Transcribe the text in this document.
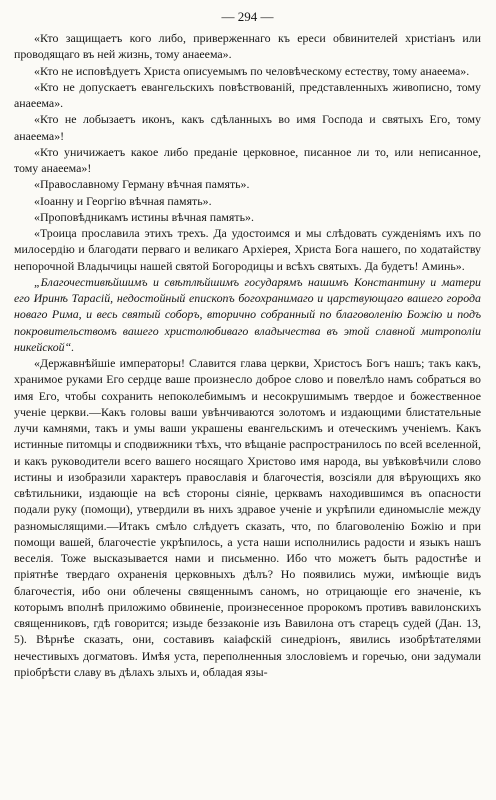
— 294 —

«Кто защищаетъ кого либо, приверженнаго къ ереси обвинителей христiанъ или проводящаго въ ней жизнь, тому анаеема».

«Кто не исповѣдуетъ Христа описуемымъ по человѣческому естеству, тому анаеема».

«Кто не допускаетъ евангельскихъ повѣствованiй, представленныхъ живописно, тому анаеема».

«Кто не лобызаетъ иконъ, какъ сдѣланныхъ во имя Господа и святыхъ Его, тому анаеема»!

«Кто уничижаетъ какое либо преданiе церковное, писанное ли то, или неписанное, тому анаеема»!

«Православному Герману вѣчная память».

«Iоанну и Георгiю вѣчная память».

«Проповѣдникамъ истины вѣчная память».

«Троица прославила этихъ трехъ. Да удостоимся и мы слѣдовать сужденiямъ ихъ по милосердiю и благодати перваго и великаго Архiерея, Христа Бога нашего, по ходатайству непорочной Владычицы нашей святой Богородицы и всѣхъ святыхъ. Да будетъ! Аминь».

„Благочестивѣйшимъ и свѣтлѣйшимъ государямъ нашимъ Константину и матери его Иринѣ Тарасiй, недостойный епископъ богохранимаго и царствующаго вашего города новаго Рима, и весь святый соборъ, вторично собранный по благоволенiю Божiю и подъ покровительствомъ вашего христолюбиваго владычества въ этой славной митрополiи никейской“.

«Державнѣйшiе императоры! Славится глава церкви, Христосъ Богъ нашъ; такъ какъ, хранимое руками Его сердце ваше произнесло доброе слово и повелѣло намъ собраться во имя Его, чтобы сохранить непоколебимымъ и несокрушимымъ твердое и божественное ученiе церкви.—Какъ головы ваши увѣнчиваются золотомъ и издающими блистательные лучи камнями, такъ и умы ваши украшены евангельскимъ и отеческимъ ученiемъ. Какъ истинные питомцы и сподвижники тѣхъ, что вѣщанiе распространилось по всей вселенной, и какъ руководители всего вашего носящаго Христово имя народа, вы увѣковѣчили слово истины и изобразили характеръ православiя и благочестiя, возсiяли для вѣрующихъ яко свѣтильники, издающiе на всѣ стороны сiянiе, церквамъ находившимся въ опасности подали руку (помощи), утвердили въ нихъ здравое ученiе и укрѣпили единомыслiе между разномыслящими.—Итакъ смѣло слѣдуетъ сказать, что, по благоволенiю Божiю и при помощи вашей, благочестiе укрѣпилось, а уста наши исполнились радости и языкъ нашъ веселiя. Тоже высказывается нами и письменно. Ибо что можетъ быть радостнѣе и прiятнѣе твердаго охраненiя церковныхъ дѣлъ? Но появились мужи, имѣющiе видъ благочестiя, ибо они облечены священнымъ саномъ, но отрицающiе его значенiе, къ которымъ вполнѣ приложимо обвиненiе, произнесенное пророкомъ противъ вавилонскихъ священниковъ, гдѣ говорится; изыде беззаконiе изъ Вавилона отъ старецъ судей (Дан. 13, 5). Вѣрнѣе сказать, они, составивъ каiафскiй синедрiонъ, явились изобрѣтателями нечестивыхъ догматовъ. Имѣя уста, переполненныя злословiемъ и горечью, они задумали прiобрѣсти славу въ дѣлахъ злыхъ и, обладая язы-
